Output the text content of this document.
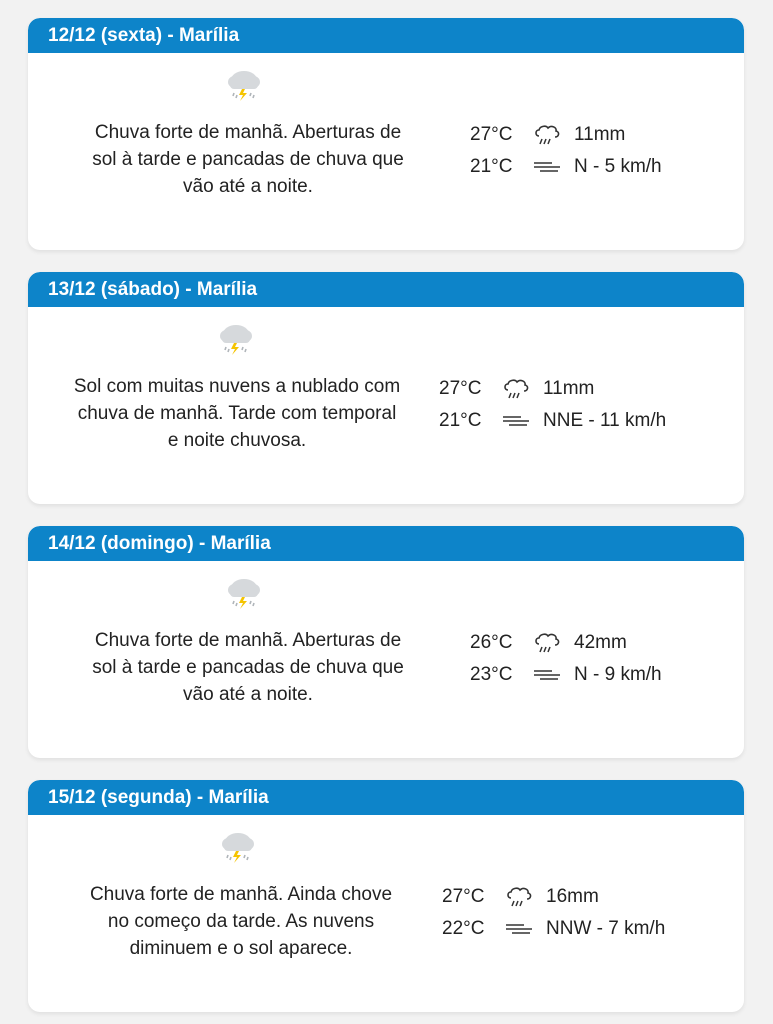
12/12 (sexta) - Marília
Chuva forte de manhã. Aberturas de sol à tarde e pancadas de chuva que vão até a noite.
27°C	11mm
21°C	N - 5 km/h
13/12 (sábado) - Marília
Sol com muitas nuvens a nublado com chuva de manhã. Tarde com temporal e noite chuvosa.
27°C	11mm
21°C	NNE - 11 km/h
14/12 (domingo) - Marília
Chuva forte de manhã. Aberturas de sol à tarde e pancadas de chuva que vão até a noite.
26°C	42mm
23°C	N - 9 km/h
15/12 (segunda) - Marília
Chuva forte de manhã. Ainda chove no começo da tarde. As nuvens diminuem e o sol aparece.
27°C	16mm
22°C	NNW - 7 km/h
